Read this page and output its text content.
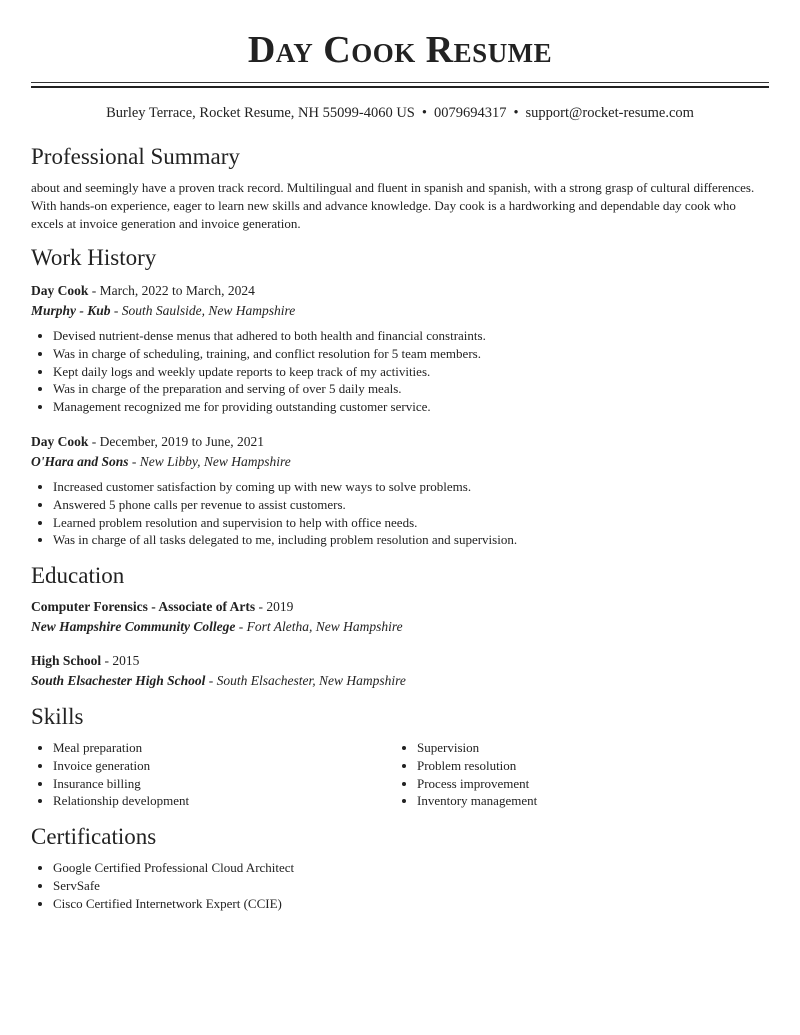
Day Cook Resume
Burley Terrace, Rocket Resume, NH 55099-4060 US • 0079694317 • support@rocket-resume.com
Professional Summary
about and seemingly have a proven track record. Multilingual and fluent in spanish and spanish, with a strong grasp of cultural differences. With hands-on experience, eager to learn new skills and advance knowledge. Day cook is a hardworking and dependable day cook who excels at invoice generation and invoice generation.
Work History
Day Cook - March, 2022 to March, 2024
Murphy - Kub - South Saulside, New Hampshire
• Devised nutrient-dense menus that adhered to both health and financial constraints.
• Was in charge of scheduling, training, and conflict resolution for 5 team members.
• Kept daily logs and weekly update reports to keep track of my activities.
• Was in charge of the preparation and serving of over 5 daily meals.
• Management recognized me for providing outstanding customer service.
Day Cook - December, 2019 to June, 2021
O'Hara and Sons - New Libby, New Hampshire
• Increased customer satisfaction by coming up with new ways to solve problems.
• Answered 5 phone calls per revenue to assist customers.
• Learned problem resolution and supervision to help with office needs.
• Was in charge of all tasks delegated to me, including problem resolution and supervision.
Education
Computer Forensics - Associate of Arts - 2019
New Hampshire Community College - Fort Aletha, New Hampshire
High School - 2015
South Elsachester High School - South Elsachester, New Hampshire
Skills
• Meal preparation
• Invoice generation
• Insurance billing
• Relationship development
• Supervision
• Problem resolution
• Process improvement
• Inventory management
Certifications
• Google Certified Professional Cloud Architect
• ServSafe
• Cisco Certified Internetwork Expert (CCIE)
